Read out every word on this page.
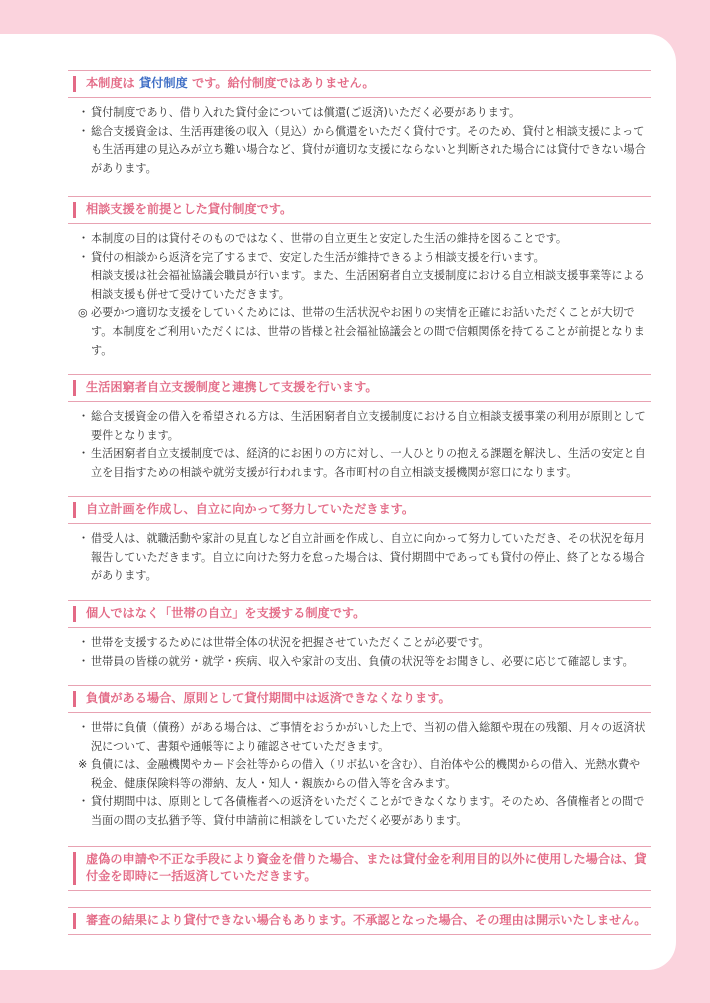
本制度は 貸付制度 です。給付制度ではありません。
・ 貸付制度であり、借り入れた貸付金については償還(ご返済)いただく必要があります。
・ 総合支援資金は、生活再建後の収入（見込）から償還をいただく貸付です。そのため、貸付と相談支援によっても生活再建の見込みが立ち難い場合など、貸付が適切な支援にならないと判断された場合には貸付できない場合があります。
相談支援を前提とした貸付制度です。
・ 本制度の目的は貸付そのものではなく、世帯の自立更生と安定した生活の維持を図ることです。
・ 貸付の相談から返済を完了するまで、安定した生活が維持できるよう相談支援を行います。
相談支援は社会福祉協議会職員が行います。また、生活困窮者自立支援制度における自立相談支援事業等による相談支援も併せて受けていただきます。
◎ 必要かつ適切な支援をしていくためには、世帯の生活状況やお困りの実情を正確にお話いただくことが大切です。本制度をご利用いただくには、世帯の皆様と社会福祉協議会との間で信頼関係を持てることが前提となります。
生活困窮者自立支援制度と連携して支援を行います。
・ 総合支援資金の借入を希望される方は、生活困窮者自立支援制度における自立相談支援事業の利用が原則として要件となります。
・ 生活困窮者自立支援制度では、経済的にお困りの方に対し、一人ひとりの抱える課題を解決し、生活の安定と自立を目指すための相談や就労支援が行われます。各市町村の自立相談支援機関が窓口になります。
自立計画を作成し、自立に向かって努力していただきます。
・ 借受人は、就職活動や家計の見直しなど自立計画を作成し、自立に向かって努力していただき、その状況を毎月報告していただきます。自立に向けた努力を怠った場合は、貸付期間中であっても貸付の停止、終了となる場合があります。
個人ではなく「世帯の自立」を支援する制度です。
・ 世帯を支援するためには世帯全体の状況を把握させていただくことが必要です。
・ 世帯員の皆様の就労・就学・疾病、収入や家計の支出、負債の状況等をお聞きし、必要に応じて確認します。
負債がある場合、原則として貸付期間中は返済できなくなります。
・ 世帯に負債（債務）がある場合は、ご事情をおうかがいした上で、当初の借入総額や現在の残額、月々の返済状況について、書類や通帳等により確認させていただきます。
※ 負債には、金融機関やカード会社等からの借入（リボ払いを含む）、自治体や公的機関からの借入、光熱水費や税金、健康保険料等の滞納、友人・知人・親族からの借入等を含みます。
・ 貸付期間中は、原則として各債権者への返済をいただくことができなくなります。そのため、各債権者との間で当面の間の支払猶予等、貸付申請前に相談をしていただく必要があります。
虚偽の申請や不正な手段により資金を借りた場合、または貸付金を利用目的以外に使用した場合は、貸付金を即時に一括返済していただきます。
審査の結果により貸付できない場合もあります。不承認となった場合、その理由は開示いたしません。
